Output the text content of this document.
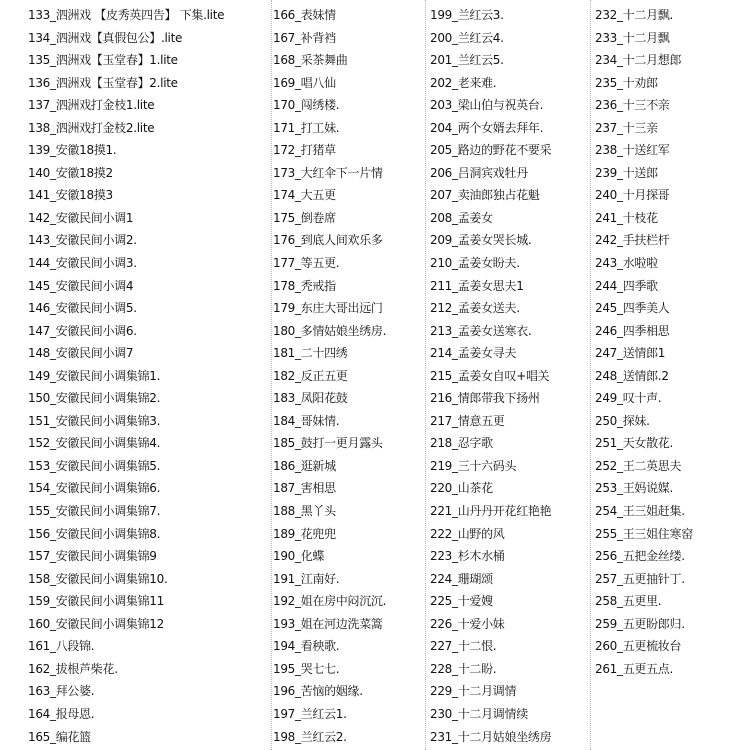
133_泗洲戏 【皮秀英四告】 下集.lite
134_泗洲戏【真假包公】.lite
135_泗洲戏【玉堂春】1.lite
136_泗洲戏【玉堂春】2.lite
137_泗洲戏打金枝1.lite
138_泗洲戏打金枝2.lite
139_安徽18摸1.
140_安徽18摸2
141_安徽18摸3
142_安徽民间小调1
143_安徽民间小调2.
144_安徽民间小调3.
145_安徽民间小调4
146_安徽民间小调5.
147_安徽民间小调6.
148_安徽民间小调7
149_安徽民间小调集锦1.
150_安徽民间小调集锦2.
151_安徽民间小调集锦3.
152_安徽民间小调集锦4.
153_安徽民间小调集锦5.
154_安徽民间小调集锦6.
155_安徽民间小调集锦7.
156_安徽民间小调集锦8.
157_安徽民间小调集锦9
158_安徽民间小调集锦10.
159_安徽民间小调集锦11
160_安徽民间小调集锦12
161_八段锦.
162_拔根芦柴花.
163_拜公婆.
164_报母恩.
165_编花篮
166_表妹情
167_补背裆
168_采茶舞曲
169_唱八仙
170_闯绣楼.
171_打工妹.
172_打猪草
173_大红伞下一片情
174_大五更
175_倒卷席
176_到底人间欢乐多
177_等五更.
178_秃戒指
179_东庄大哥出远门
180_多情姑娘坐绣房.
181_二十四绣
182_反正五更
183_凤阳花鼓
184_哥妹情.
185_鼓打一更月露头
186_逛新城
187_害相思
188_黑丫头
189_花兜兜
190_化蝶
191_江南好.
192_姐在房中闷沉沉.
193_姐在河边洗菜篙
194_看秧歌.
195_哭七七.
196_苦恼的姻缘.
197_兰红云1.
198_兰红云2.
199_兰红云3.
200_兰红云4.
201_兰红云5.
202_老来难.
203_梁山伯与祝英台.
204_两个女婿去拜年.
205_路边的野花不要采
206_吕洞宾戏牡丹
207_卖油郎独占花魁
208_孟姜女
209_孟姜女哭长城.
210_孟姜女盼夫.
211_孟姜女思夫1
212_孟姜女送夫.
213_孟姜女送寒衣.
214_孟姜女寻夫
215_孟姜女自叹+唱关
216_情郎带我下扬州
217_情意五更
218_忍字歌
219_三十六码头
220_山茶花
221_山丹丹开花红艳艳
222_山野的风
223_杉木水桶
224_珊瑚颂
225_十爱嫂
226_十爱小妹
227_十二恨.
228_十二盼.
229_十二月调情
230_十二月调情续
231_十二月姑娘坐绣房
232_十二月飘.
233_十二月飘
234_十二月想郎
235_十劝郎
236_十三不亲
237_十三亲
238_十送红军
239_十送郎
240_十月探哥
241_十枝花
242_手扶栏杆
243_水啦啦
244_四季歌
245_四季美人
246_四季相思
247_送情郎1
248_送情郎.2
249_叹十声.
250_探妹.
251_天女散花.
252_王二英思夫
253_王妈说媒.
254_王三姐赶集.
255_王三姐住寒窑
256_五把金丝缕.
257_五更抽针丁.
258_五更里.
259_五更盼郎归.
260_五更梳妆台
261_五更五点.
